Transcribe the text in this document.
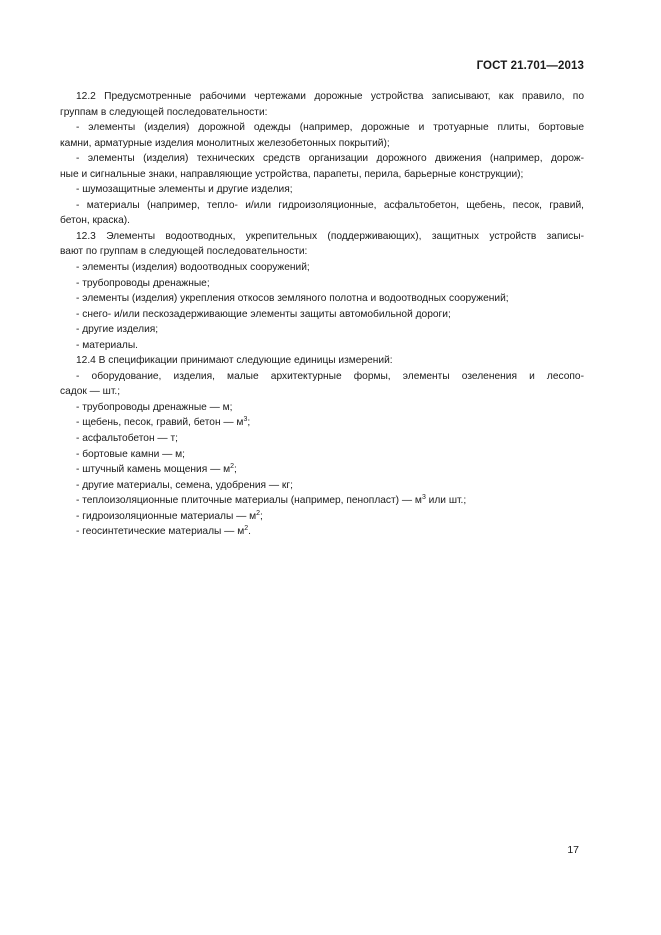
ГОСТ 21.701—2013

12.2 Предусмотренные рабочими чертежами дорожные устройства записывают, как правило, по

группам в следующей последовательности:

- элементы (изделия) дорожной одежды (например, дорожные и тротуарные плиты, бортовые

камни, арматурные изделия монолитных железобетонных покрытий);

- элементы (изделия) технических средств организации дорожного движения (например, дорож-

ные и сигнальные знаки, направляющие устройства, парапеты, перила, барьерные конструкции);

- шумозащитные элементы и другие изделия;

- материалы (например, тепло- и/или гидроизоляционные, асфальтобетон, щебень, песок, гравий,

бетон, краска).

12.3 Элементы водоотводных, укрепительных (поддерживающих), защитных устройств записы-

вают по группам в следующей последовательности:

- элементы (изделия) водоотводных сооружений;

- трубопроводы дренажные;

- элементы (изделия) укрепления откосов земляного полотна и водоотводных сооружений;

- снего- и/или пескозадерживающие элементы защиты автомобильной дороги;

- другие изделия;

- материалы.

12.4 В спецификации принимают следующие единицы измерений:

- оборудование, изделия, малые архитектурные формы, элементы озеленения и лесопо-

садок — шт.;

- трубопроводы дренажные — м;

- щебень, песок, гравий, бетон — $м^3$;

- асфальтобетон — т;

- бортовые камни — м;

- штучный камень мощения — $м^2$;

- другие материалы, семена, удобрения — кг;

- теплоизоляционные плиточные материалы (например, пенопласт) — $м^3$ или шт.;

- гидроизоляционные материалы — $м^2$;

- геосинтетические материалы — $м^2$.

17
